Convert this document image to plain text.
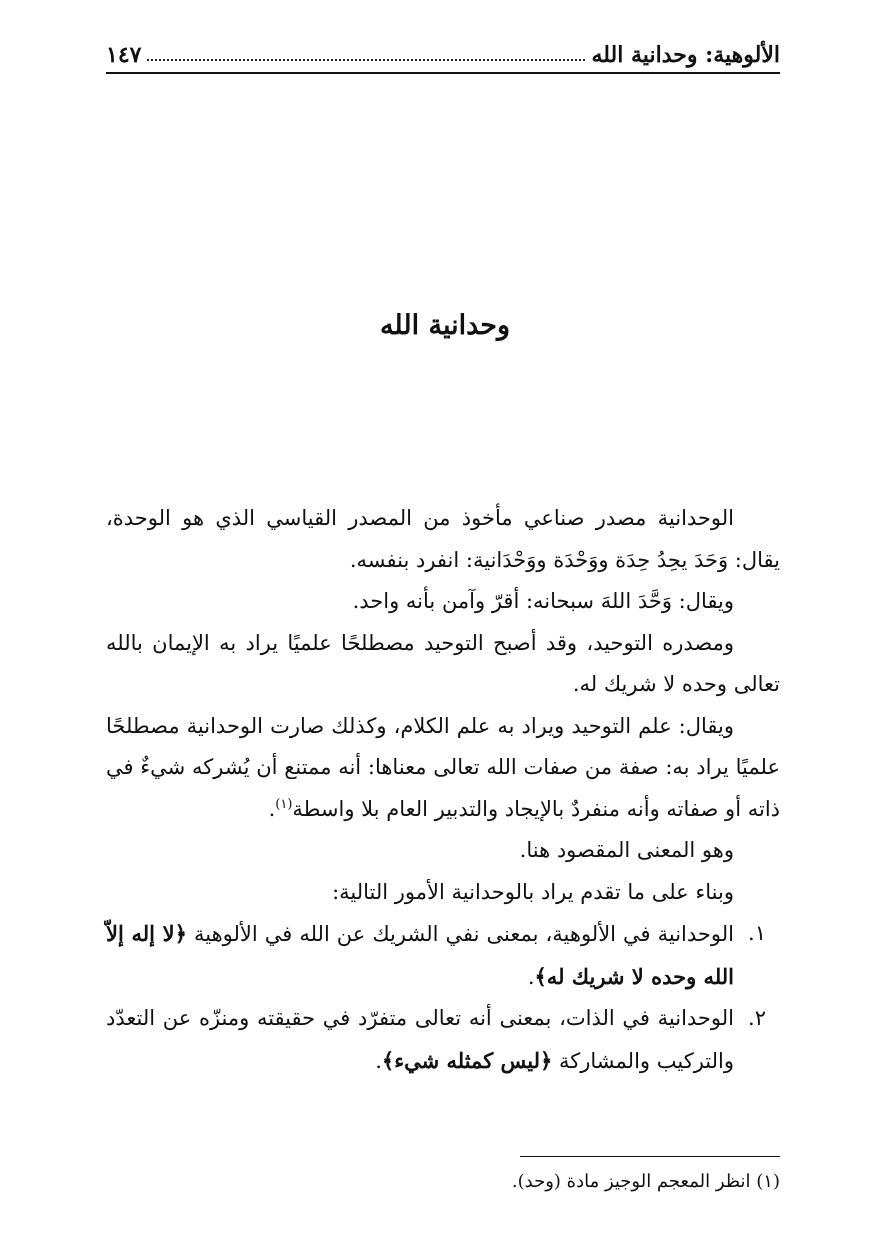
الألوهية: وحدانية الله
١٤٧
وحدانية الله

الوحدانية مصدر صناعي مأخوذ من المصدر القياسي الذي هو الوحدة، يقال: وَحَدَ يحِدُ حِدَة ووَحْدَة ووَحْدَانية: انفرد بنفسه.

ويقال: وَحَّدَ اللهَ سبحانه: أقرّ وآمن بأنه واحد.

ومصدره التوحيد، وقد أصبح التوحيد مصطلحًا علميًا يراد به الإيمان بالله تعالى وحده لا شريك له.

ويقال: علم التوحيد ويراد به علم الكلام، وكذلك صارت الوحدانية مصطلحًا علميًا يراد به: صفة من صفات الله تعالى معناها: أنه ممتنع أن يُشركه شيءٌ في ذاته أو صفاته وأنه منفردٌ بالإيجاد والتدبير العام بلا واسطة$^{(١)}$.

وهو المعنى المقصود هنا.

وبناء على ما تقدم يراد بالوحدانية الأمور التالية:

١.
الوحدانية في الألوهية، بمعنى نفي الشريك عن الله في الألوهية ﴿لا إله إلاّ الله وحده لا شريك له﴾.
٢.
الوحدانية في الذات، بمعنى أنه تعالى متفرّد في حقيقته ومنزّه عن التعدّد والتركيب والمشاركة ﴿ليس كمثله شيء﴾.

(١) انظر المعجم الوجيز مادة (وحد).
